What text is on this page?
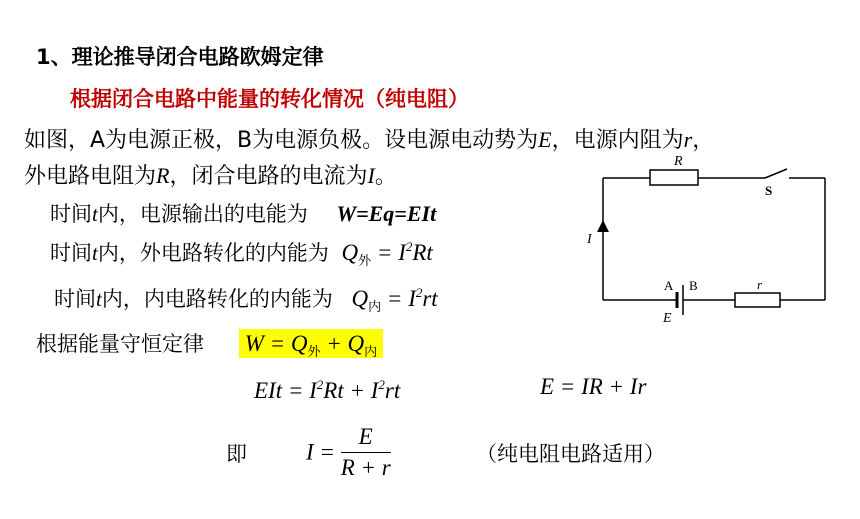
1、理论推导闭合电路欧姆定律
根据闭合电路中能量的转化情况（纯电阻）
如图，A为电源正极，B为电源负极。设电源电动势为E，电源内阻为r，
外电路电阻为R，闭合电路的电流为I。
时间t内，电源输出的电能为 W=Eq=EIt
时间t内，外电路转化的内能为 $Q_外 = I^2Rt$
时间t内，内电路转化的内能为 $Q_内 = I^2rt$
根据能量守恒定律 $W = Q_外 + Q_内$
EIt = $I^2Rt + I^2rt$	E = IR + Ir
即	$I = \frac{E}{R + r}$	（纯电阻电路适用）
R
S
I
A B	r
E
